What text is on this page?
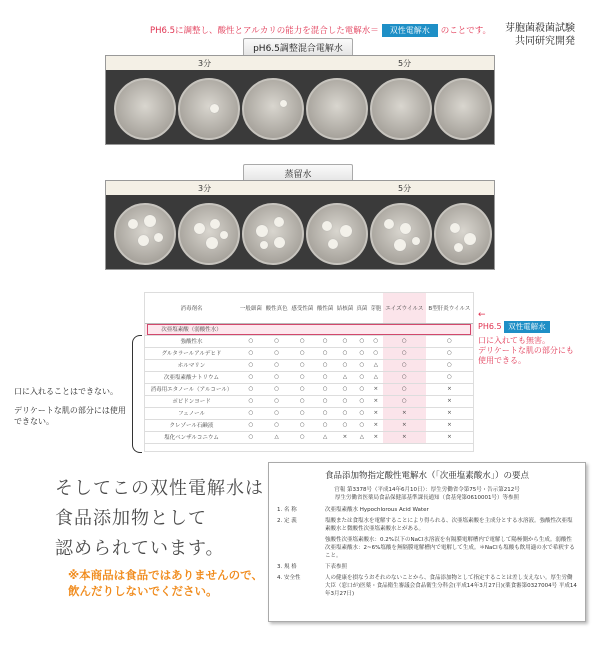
PH6.5に調整し、酸性とアルカリの能力を混合した電解水＝ 双性電解水 のことです。 芽胞菌殺菌試験
共同研究開発
pH6.5調整混合電解水
3分	5分
蒸留水
3分	5分
消毒剤名	一般細菌	酸性真色	感受性菌	酸性菌	結核菌	真菌	芽胞	エイズウイルス	B型肝炎ウイルス
次亜塩素酸（弱酸性水）									
強酸性水	○	○	○	○	○	○	○	○	○
グルタラールアルデヒド	○	○	○	○	○	○	○	○	○
ホルマリン	○	○	○	○	○	○	△	○	○
次亜塩素酸ナトリウム	○	○	○	○	△	○	△	○	○
消毒用エタノール（アルコール）	○	○	○	○	○	○	×	○	×
ポビドンヨード	○	○	○	○	○	○	×	○	×
フェノール	○	○	○	○	○	○	×	×	×
クレゾール石鹸液	○	○	○	○	○	○	×	×	×
塩化ベンザルコニウム	○	△	○	△	×	△	×	×	×
←
PH6.5 双性電解水
口に入れても無害。
デリケートな肌の部分にも
使用できる。
口に入れることはできない。
デリケートな肌の部分には使用できない。
そしてこの双性電解水は
食品添加物として
認められています。
※本商品は食品ではありませんので、飲んだりしないでください。
食品添加物指定酸性電解水（「次亜塩素酸水」）の要点
官報 第3378号（平成14年6月10日）：厚生労働省令第75号・告示第212号
厚生労働省医薬局食品保健部基準課長通知（食基発第0610001号）等参照
1. 名 称	次亜塩素酸水 Hypochlorous Acid Water
2. 定 義	塩酸または食塩水を電解することにより得られる、次亜塩素酸を主成分とする水溶液。強酸性次亜塩素酸水と微酸性次亜塩素酸水とがある。
強酸性次亜塩素酸水：0.2%以下のNaCl水溶液を有隔膜電解槽内で電解して陽極側から生成。弱酸性次亜塩素酸水：2~6%塩酸を無隔膜電解槽内で電解して生成。＊NaClも塩酸も飲用適の水で希釈すること。
3. 規 格	下表参照
4. 安全性	人の健康を損なうおそれのないことから、食品添加物として指定することは差し支えない。厚生労働大臣（窓口が)医薬・食品衛生審議会食品衛生分科会(平成14年3月27日)(薬食審第0327004号 平成14年3月27日)
